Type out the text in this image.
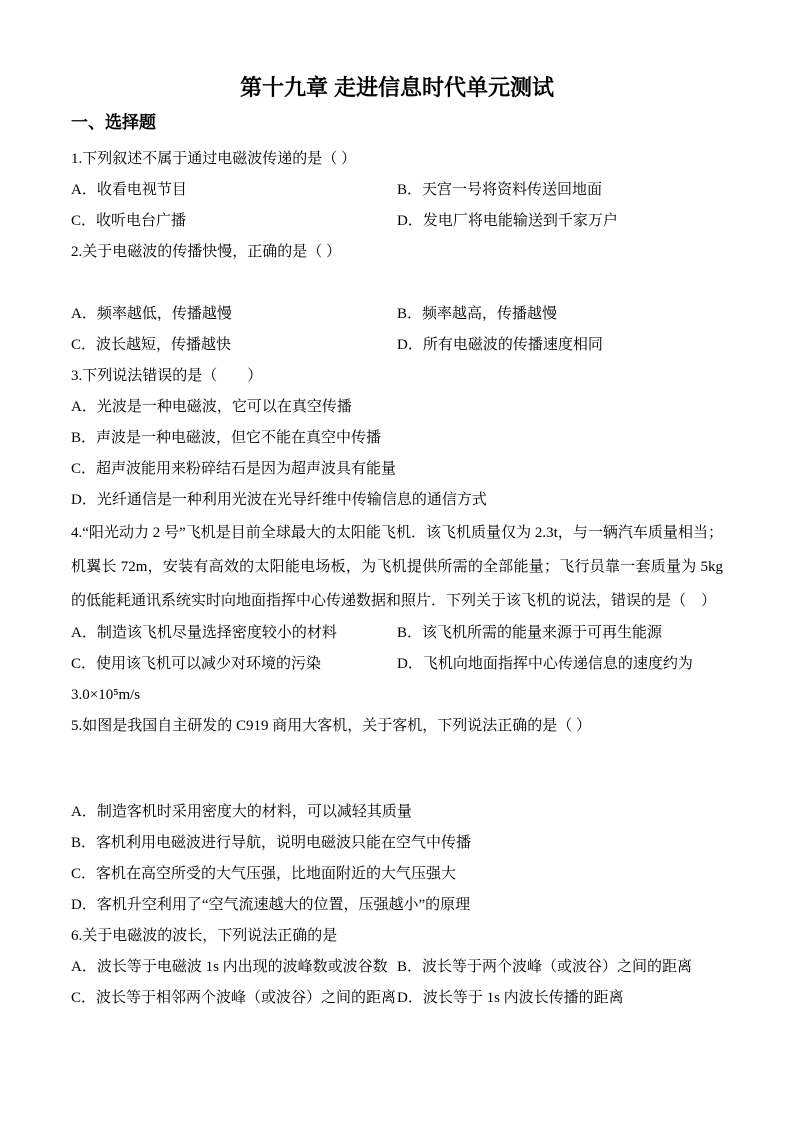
第十九章 走进信息时代单元测试
一、选择题
1.下列叙述不属于通过电磁波传递的是（ ）
A．收看电视节目	B．天宫一号将资料传送回地面
C．收听电台广播	D．发电厂将电能输送到千家万户
2.关于电磁波的传播快慢，正确的是（ ）
A．频率越低，传播越慢	B．频率越高，传播越慢
C．波长越短，传播越快	D．所有电磁波的传播速度相同
3.下列说法错误的是（　　）
A．光波是一种电磁波，它可以在真空传播
B．声波是一种电磁波，但它不能在真空中传播
C．超声波能用来粉碎结石是因为超声波具有能量
D．光纤通信是一种利用光波在光导纤维中传输信息的通信方式
4.“阳光动力 2 号”飞机是目前全球最大的太阳能飞机．该飞机质量仅为 2.3t，与一辆汽车质量相当；机翼长 72m，安装有高效的太阳能电场板，为飞机提供所需的全部能量；飞行员靠一套质量为 5kg 的低能耗通讯系统实时向地面指挥中心传递数据和照片．下列关于该飞机的说法，错误的是（　）
A．制造该飞机尽量选择密度较小的材料	B．该飞机所需的能量来源于可再生能源
C．使用该飞机可以减少对环境的污染	D．飞机向地面指挥中心传递信息的速度约为
3.0×10⁵m/s
5.如图是我国自主研发的 C919 商用大客机，关于客机，下列说法正确的是（ ）
A．制造客机时采用密度大的材料，可以减轻其质量
B．客机利用电磁波进行导航，说明电磁波只能在空气中传播
C．客机在高空所受的大气压强，比地面附近的大气压强大
D．客机升空利用了“空气流速越大的位置，压强越小”的原理
6.关于电磁波的波长，下列说法正确的是
A．波长等于电磁波 1s 内出现的波峰数或波谷数 B．波长等于两个波峰（或波谷）之间的距离
C．波长等于相邻两个波峰（或波谷）之间的距离 D．波长等于 1s 内波长传播的距离
